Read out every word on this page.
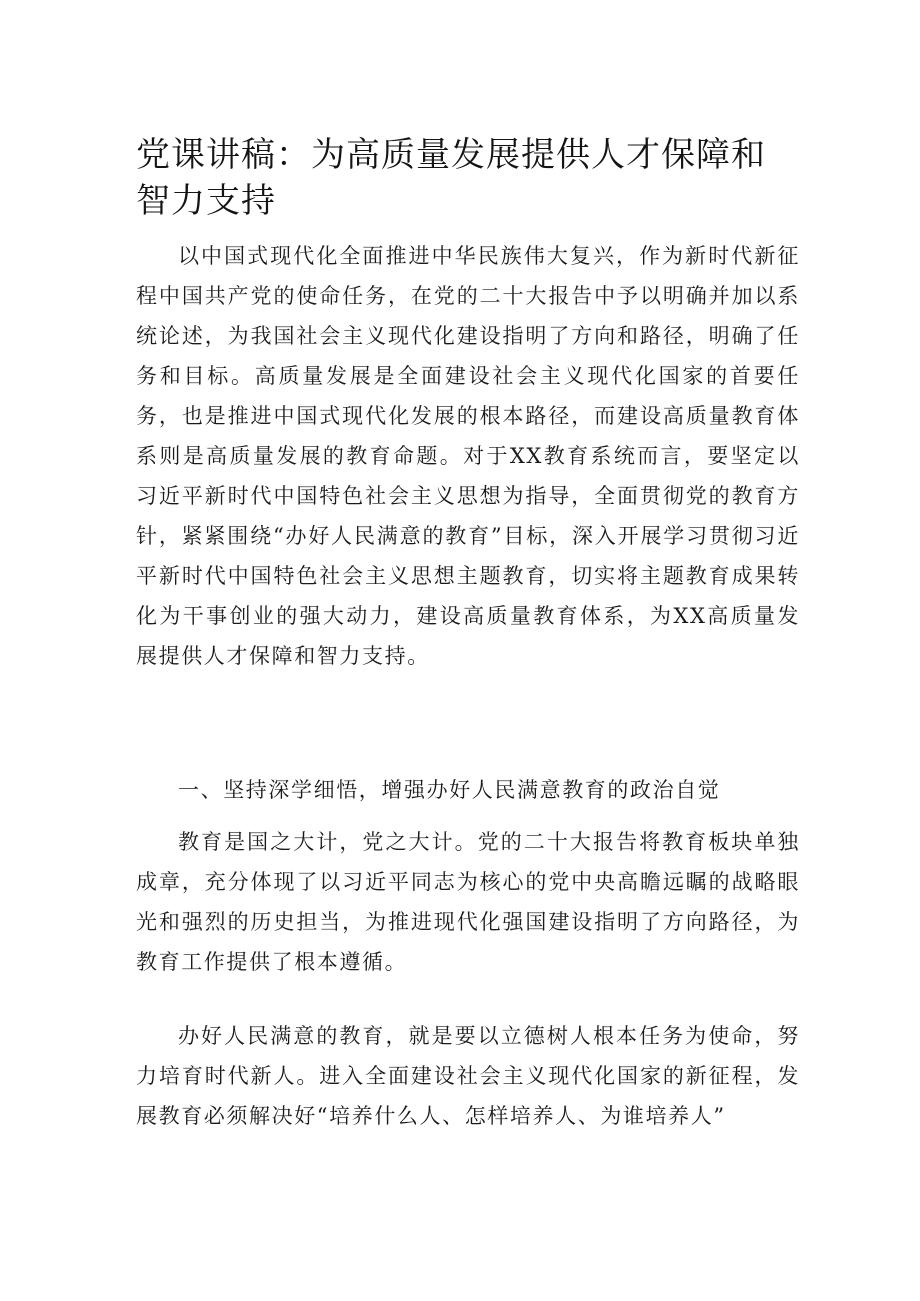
党课讲稿：为高质量发展提供人才保障和智力支持

以中国式现代化全面推进中华民族伟大复兴，作为新时代新征程中国共产党的使命任务，在党的二十大报告中予以明确并加以系统论述，为我国社会主义现代化建设指明了方向和路径，明确了任务和目标。高质量发展是全面建设社会主义现代化国家的首要任务，也是推进中国式现代化发展的根本路径，而建设高质量教育体系则是高质量发展的教育命题。对于XX教育系统而言，要坚定以习近平新时代中国特色社会主义思想为指导，全面贯彻党的教育方针，紧紧围绕“办好人民满意的教育”目标，深入开展学习贯彻习近平新时代中国特色社会主义思想主题教育，切实将主题教育成果转化为干事创业的强大动力，建设高质量教育体系，为XX高质量发展提供人才保障和智力支持。

一、坚持深学细悟，增强办好人民满意教育的政治自觉

教育是国之大计，党之大计。党的二十大报告将教育板块单独成章，充分体现了以习近平同志为核心的党中央高瞻远瞩的战略眼光和强烈的历史担当，为推进现代化强国建设指明了方向路径，为教育工作提供了根本遵循。

办好人民满意的教育，就是要以立德树人根本任务为使命，努力培育时代新人。进入全面建设社会主义现代化国家的新征程，发展教育必须解决好“培养什么人、怎样培养人、为谁培养人”
